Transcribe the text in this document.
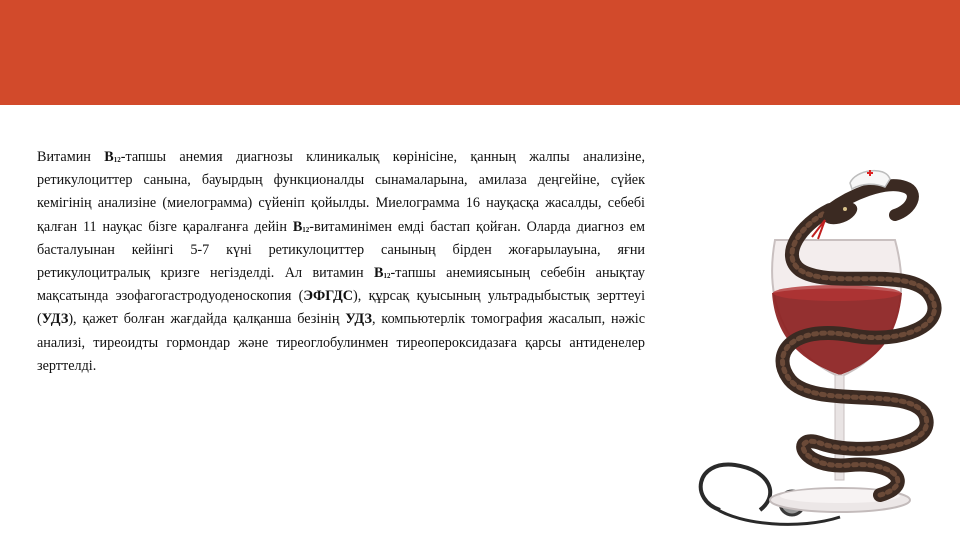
Витамин $В_{12}$-тапшы анемия диагнозы клиникалық көрінісіне, қанның жалпы анализіне, ретикулоциттер санына, бауырдың функционалды сынамаларына, амилаза деңгейіне, сүйек кемігінің анализіне (миелограмма) сүйеніп қойылды. Миелограмма 16 науқасқа жасалды, себебі қалған 11 науқас бізге қаралғанға дейін $В_{12}$-витаминімен емді бастап қойған. Оларда диагноз ем басталуынан кейінгі 5-7 күні ретикулоциттер санының бірден жоғарылауына, яғни ретикулоцитралық кризге негізделді. Ал витамин $В_{12}$-тапшы анемиясының себебін анықтау мақсатында эзофагогастродуоденоскопия (ЭФГДС), құрсақ қуысының ультрадыбыстық зерттеуі (УДЗ), қажет болған жағдайда қалқанша безінің УДЗ, компьютерлік томография жасалып, нәжіс анализі, тиреоидты гормондар және тиреоглобулинмен тиреопероксидазаға қарсы антиденелер зерттелді.
